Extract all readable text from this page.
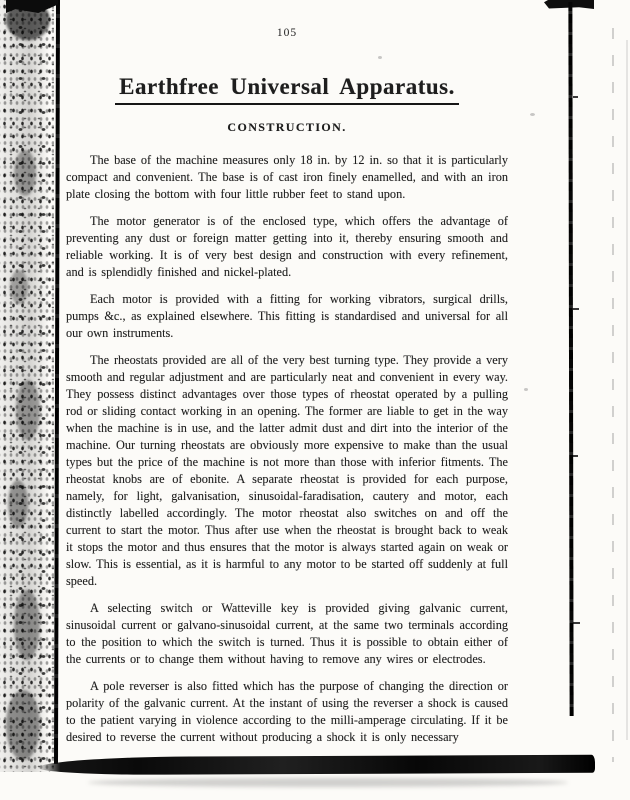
105
Earthfree Universal Apparatus.
CONSTRUCTION.

The base of the machine measures only 18 in. by 12 in. so that it is particularly compact and convenient. The base is of cast iron finely enamelled, and with an iron plate closing the bottom with four little rubber feet to stand upon.

The motor generator is of the enclosed type, which offers the advantage of preventing any dust or foreign matter getting into it, thereby ensuring smooth and reliable working. It is of very best design and construction with every refinement, and is splendidly finished and nickel-plated.

Each motor is provided with a fitting for working vibrators, surgical drills, pumps &c., as explained elsewhere. This fitting is standardised and universal for all our own instruments.

The rheostats provided are all of the very best turning type. They provide a very smooth and regular adjustment and are particularly neat and convenient in every way. They possess distinct advantages over those types of rheostat operated by a pulling rod or sliding contact working in an opening. The former are liable to get in the way when the machine is in use, and the latter admit dust and dirt into the interior of the machine. Our turning rheostats are obviously more expensive to make than the usual types but the price of the machine is not more than those with inferior fitments. The rheostat knobs are of ebonite. A separate rheostat is provided for each purpose, namely, for light, galvanisation, sinusoidal-faradisation, cautery and motor, each distinctly labelled accordingly. The motor rheostat also switches on and off the current to start the motor. Thus after use when the rheostat is brought back to weak it stops the motor and thus ensures that the motor is always started again on weak or slow. This is essential, as it is harmful to any motor to be started off suddenly at full speed.

A selecting switch or Watteville key is provided giving galvanic current, sinusoidal current or galvano-sinusoidal current, at the same two terminals according to the position to which the switch is turned. Thus it is possible to obtain either of the currents or to change them without having to remove any wires or electrodes.

A pole reverser is also fitted which has the purpose of changing the direction or polarity of the galvanic current. At the instant of using the reverser a shock is caused to the patient varying in violence according to the milli-amperage circulating. If it be desired to reverse the current without producing a shock it is only necessary
